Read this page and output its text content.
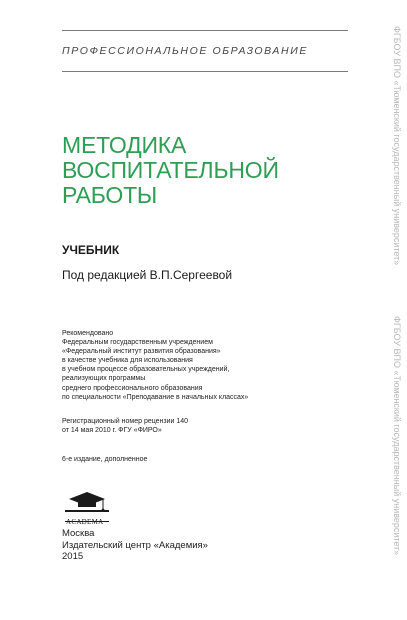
ПРОФЕССИОНАЛЬНОЕ ОБРАЗОВАНИЕ
МЕТОДИКА
ВОСПИТАТЕЛЬНОЙ
РАБОТЫ
УЧЕБНИК
Под редакцией В.П.Сергеевой
Рекомендовано
Федеральным государственным учреждением
«Федеральный институт развития образования»
в качестве учебника для использования
в учебном процессе образовательных учреждений,
реализующих программы
среднего профессионального образования
по специальности «Преподавание в начальных классах»
Регистрационный номер рецензии 140
от 14 мая 2010 г. ФГУ «ФИРО»
6-е издание, дополненное
ACADEMA
Москва
Издательский центр «Академия»
2015
ФГБОУ ВПО «Тюменский государственный университет»
ФГБОУ ВПО «Тюменский государственный университет»
